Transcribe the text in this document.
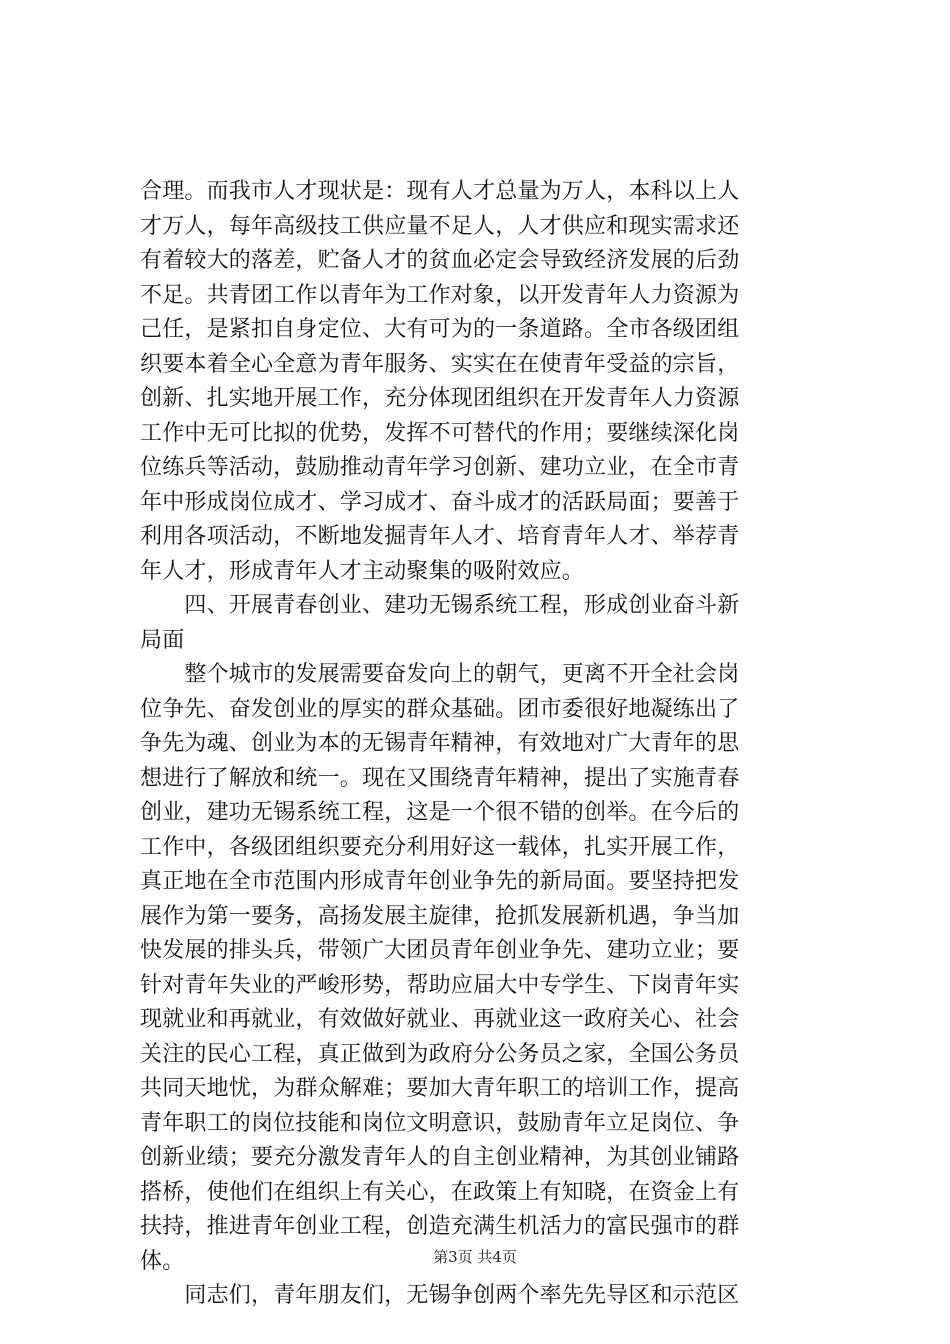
合理。而我市人才现状是：现有人才总量为万人，本科以上人
才万人，每年高级技工供应量不足人，人才供应和现实需求还
有着较大的落差，贮备人才的贫血必定会导致经济发展的后劲
不足。共青团工作以青年为工作对象，以开发青年人力资源为
己任，是紧扣自身定位、大有可为的一条道路。全市各级团组
织要本着全心全意为青年服务、实实在在使青年受益的宗旨，
创新、扎实地开展工作，充分体现团组织在开发青年人力资源
工作中无可比拟的优势，发挥不可替代的作用；要继续深化岗
位练兵等活动，鼓励推动青年学习创新、建功立业，在全市青
年中形成岗位成才、学习成才、奋斗成才的活跃局面；要善于
利用各项活动，不断地发掘青年人才、培育青年人才、举荐青
年人才，形成青年人才主动聚集的吸附效应。
　　四、开展青春创业、建功无锡系统工程，形成创业奋斗新
局面
　　整个城市的发展需要奋发向上的朝气，更离不开全社会岗
位争先、奋发创业的厚实的群众基础。团市委很好地凝练出了
争先为魂、创业为本的无锡青年精神，有效地对广大青年的思
想进行了解放和统一。现在又围绕青年精神，提出了实施青春
创业，建功无锡系统工程，这是一个很不错的创举。在今后的
工作中，各级团组织要充分利用好这一载体，扎实开展工作，
真正地在全市范围内形成青年创业争先的新局面。要坚持把发
展作为第一要务，高扬发展主旋律，抢抓发展新机遇，争当加
快发展的排头兵，带领广大团员青年创业争先、建功立业；要
针对青年失业的严峻形势，帮助应届大中专学生、下岗青年实
现就业和再就业，有效做好就业、再就业这一政府关心、社会
关注的民心工程，真正做到为政府分公务员之家，全国公务员
共同天地忧，为群众解难；要加大青年职工的培训工作，提高
青年职工的岗位技能和岗位文明意识，鼓励青年立足岗位、争
创新业绩；要充分激发青年人的自主创业精神，为其创业铺路
搭桥，使他们在组织上有关心，在政策上有知晓，在资金上有
扶持，推进青年创业工程，创造充满生机活力的富民强市的群
体。
　　同志们，青年朋友们，无锡争创两个率先先导区和示范区
第3页 共4页
